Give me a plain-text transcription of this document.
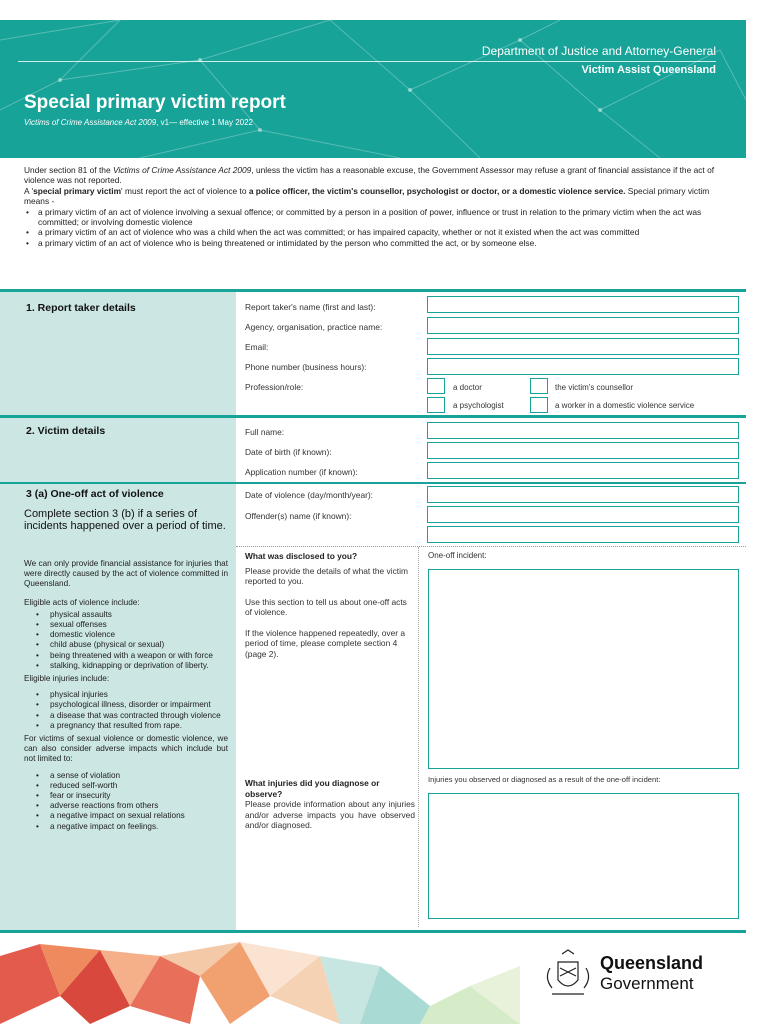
Department of Justice and Attorney-General
Victim Assist Queensland
Special primary victim report
Victims of Crime Assistance Act 2009, v1— effective 1 May 2022

Under section 81 of the Victims of Crime Assistance Act 2009, unless the victim has a reasonable excuse, the Government Assessor may refuse a grant of financial assistance if the act of violence was not reported.

A 'special primary victim' must report the act of violence to a police officer, the victim's counsellor, psychologist or doctor, or a domestic violence service. Special primary victim means -

• a primary victim of an act of violence involving a sexual offence; or committed by a person in a position of power, influence or trust in relation to the primary victim when the act was committed; or involving domestic violence
• a primary victim of an act of violence who was a child when the act was committed; or has impaired capacity, whether or not it existed when the act was committed
• a primary victim of an act of violence who is being threatened or intimidated by the person who committed the act, or by someone else.
1. Report taker details	Report taker's name (first and last):
Agency, organisation, practice name:
Email:
Phone number (business hours):
Profession/role:	a doctor	the victim's counsellor
a psychologist	a worker in a domestic violence service
2. Victim details	Full name:
Date of birth (if known):
Application number (if known):
3 (a) One-off act of violence
Complete section 3 (b) if a series of incidents happened over a period of time.
Date of violence (day/month/year):
Offender(s) name (if known):

We can only provide financial assistance for injuries that were directly caused by the act of violence committed in Queensland.

Eligible acts of violence include:

• physical assaults
• sexual offenses
• domestic violence
• child abuse (physical or sexual)
• being threatened with a weapon or with force
• stalking, kidnapping or deprivation of liberty.

Eligible injuries include:

• physical injuries
• psychological illness, disorder or impairment
• a disease that was contracted through violence
• a pregnancy that resulted from rape.

For victims of sexual violence or domestic violence, we can also consider adverse impacts which include but not limited to:

• a sense of violation
• reduced self-worth
• fear or insecurity
• adverse reactions from others
• a negative impact on sexual relations
• a negative impact on feelings.

What was disclosed to you?

Please provide the details of what the victim reported to you.

Use this section to tell us about one-off acts of violence.

If the violence happened repeatedly, over a period of time, please complete section 4 (page 2).

One-off incident:

What injuries did you diagnose or observe?

Please provide information about any injuries and/or adverse impacts you have observed and/or diagnosed.

Injuries you observed or diagnosed as a result of the one-off incident:
Queensland
Government
